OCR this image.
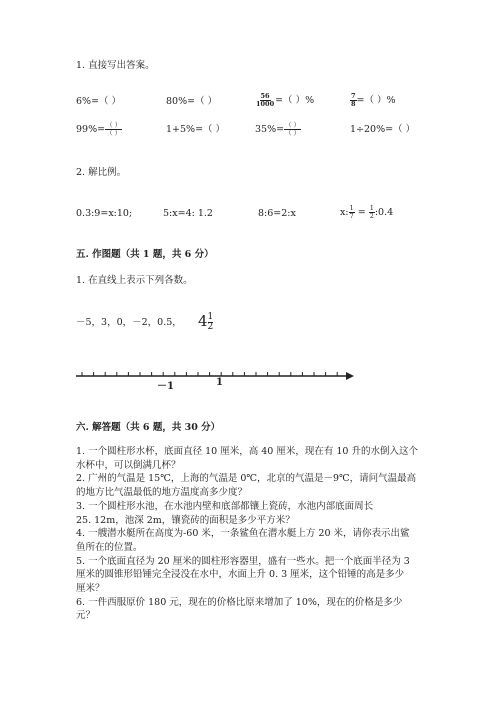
1. 直接写出答案。
6%=（ ）	80%=（ ）	$\frac{56}{1000}$ =（ ）%	$\frac{7}{8}$ =（ ）%
$99\%= \frac{( )}{( )}$	1+5%=（ ）	$35\%= \frac{( )}{( )}$	1÷20%=（ ）
2. 解比例。
0.3:9=x:10;	5:x=4: 1.2	8:6=2:x	x: $\frac{1}{7} = \frac{1}{2}$ :0.4
五. 作图题（共 1 题，共 6 分）
1. 在直线上表示下列各数。
－5，3，0，－2，0.5， $4 \frac{1}{2}$
－1	1
六. 解答题（共 6 题，共 30 分）
1. 一个圆柱形水杯，底面直径 10 厘米，高 40 厘米，现在有 10 升的水倒入这个
水杯中，可以倒满几杯？
2. 广州的气温是 15℃，上海的气温是 0℃，北京的气温是－9℃，请问气温最高
的地方比气温最低的地方温度高多少度？
3. 一个圆柱形水池，在水池内壁和底部都镶上瓷砖，水池内部底面周长
25. 12m，池深 2m，镶瓷砖的面积是多少平方米？
4. 一艘潜水艇所在高度为-60 米，一条鲨鱼在潜水艇上方 20 米，请你表示出鲨
鱼所在的位置。
5. 一个底面直径为 20 厘米的圆柱形容器里，盛有一些水。把一个底面半径为 3
厘米的圆锥形铅锤完全浸没在水中，水面上升 0. 3 厘米，这个铅锤的高是多少
厘米？
6. 一件西服原价 180 元，现在的价格比原来增加了 10%，现在的价格是多少
元？
